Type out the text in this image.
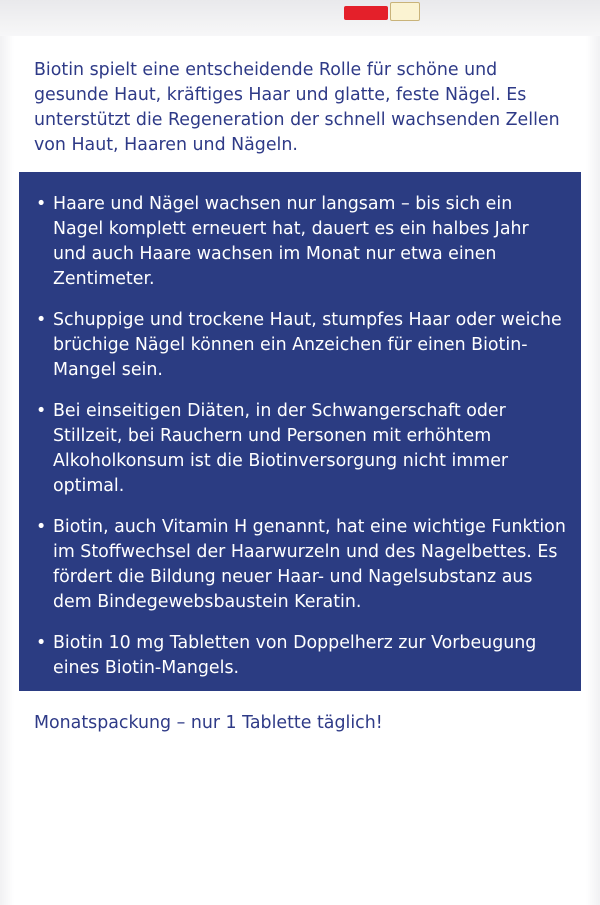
Biotin spielt eine entscheidende Rolle für schöne und gesunde Haut, kräftiges Haar und glatte, feste Nägel. Es unterstützt die Regeneration der schnell wachsenden Zellen von Haut, Haaren und Nägeln.
• Haare und Nägel wachsen nur langsam – bis sich ein Nagel komplett erneuert hat, dauert es ein halbes Jahr und auch Haare wachsen im Monat nur etwa einen Zentimeter.
• Schuppige und trockene Haut, stumpfes Haar oder weiche brüchige Nägel können ein Anzeichen für einen Biotin-Mangel sein.
• Bei einseitigen Diäten, in der Schwangerschaft oder Stillzeit, bei Rauchern und Personen mit erhöhtem Alkoholkonsum ist die Biotinversorgung nicht immer optimal.
• Biotin, auch Vitamin H genannt, hat eine wichtige Funktion im Stoffwechsel der Haarwurzeln und des Nagelbettes. Es fördert die Bildung neuer Haar- und Nagelsubstanz aus dem Bindegewebsbaustein Keratin.
• Biotin 10 mg Tabletten von Doppelherz zur Vorbeugung eines Biotin-Mangels.
Monatspackung – nur 1 Tablette täglich!
